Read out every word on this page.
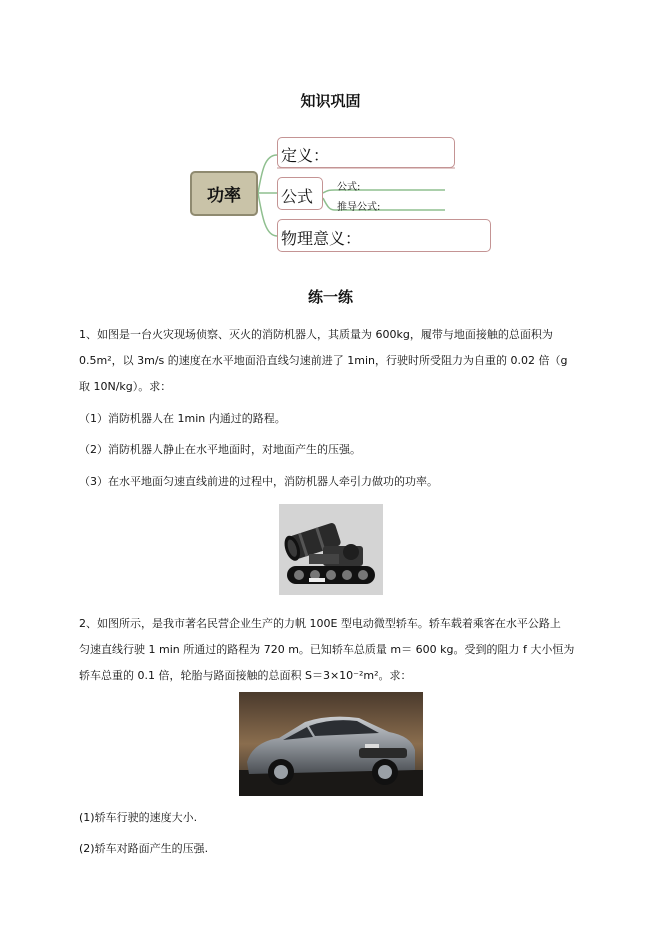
知识巩固
功率
定义：
公式 公式:
推导公式:
物理意义：
练一练
1、如图是一台火灾现场侦察、灭火的消防机器人，其质量为 600kg，履带与地面接触的总面积为
0.5m²，以 3m/s 的速度在水平地面沿直线匀速前进了 1min，行驶时所受阻力为自重的 0.02 倍（g
取 10N/kg）。求：
（1）消防机器人在 1min 内通过的路程。
（2）消防机器人静止在水平地面时，对地面产生的压强。
（3）在水平地面匀速直线前进的过程中，消防机器人牵引力做功的功率。
2、如图所示，是我市著名民营企业生产的力帆 100E 型电动微型轿车。轿车载着乘客在水平公路上
匀速直线行驶 1 min 所通过的路程为 720 m。已知轿车总质量 m＝ 600 kg。受到的阻力 f 大小恒为
轿车总重的 0.1 倍，轮胎与路面接触的总面积 S＝3×10⁻²m²。求：
(1)轿车行驶的速度大小.
(2)轿车对路面产生的压强.
